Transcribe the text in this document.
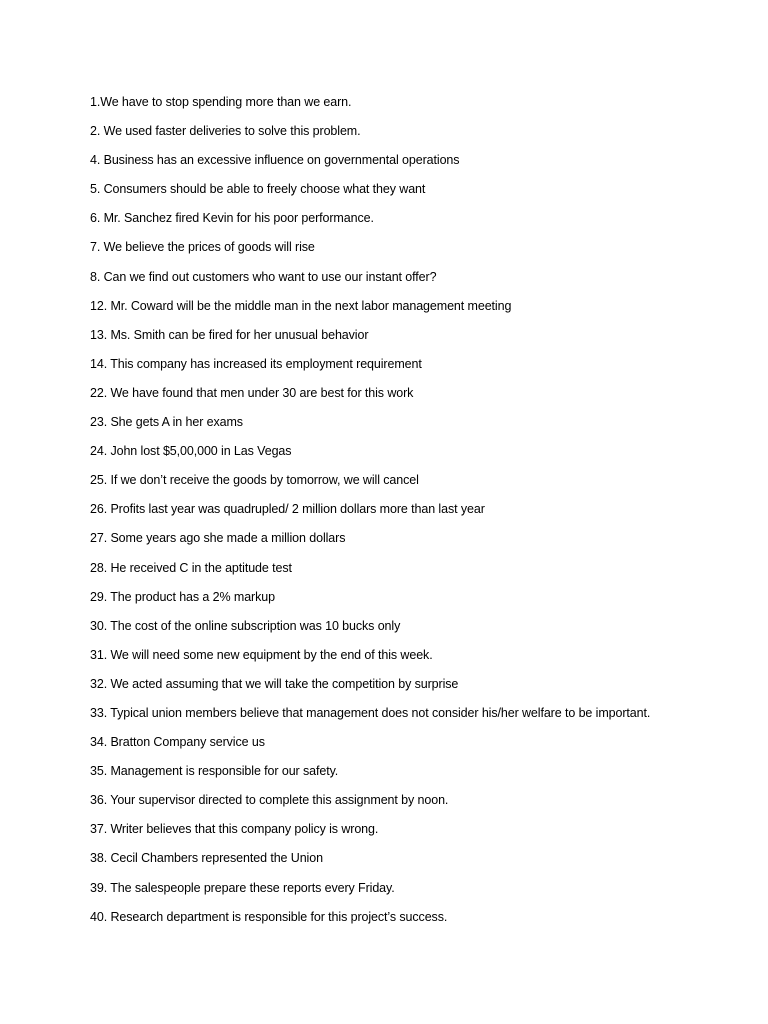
1.We have to stop spending more than we earn.
2. We used faster deliveries to solve this problem.
4. Business has an excessive influence on governmental operations
5. Consumers should be able to freely choose what they want
6. Mr. Sanchez fired Kevin for his poor performance.
7. We believe the prices of goods will rise
8. Can we find out customers who want to use our instant offer?
12. Mr. Coward will be the middle man in the next labor management meeting
13. Ms. Smith can be fired for her unusual behavior
14. This company has increased its employment requirement
22. We have found that men under 30 are best for this work
23. She gets A in her exams
24. John lost $5,00,000 in Las Vegas
25. If we don’t receive the goods by tomorrow, we will cancel
26. Profits last year was quadrupled/ 2 million dollars more than last year
27. Some years ago she made a million dollars
28. He received C in the aptitude test
29. The product has a 2% markup
30. The cost of the online subscription was 10 bucks only
31. We will need some new equipment by the end of this week.
32. We acted assuming that we will take the competition by surprise
33. Typical union members believe that management does not consider his/her welfare to be important.
34. Bratton Company service us
35. Management is responsible for our safety.
36. Your supervisor directed to complete this assignment by noon.
37. Writer believes that this company policy is wrong.
38. Cecil Chambers represented the Union
39. The salespeople prepare these reports every Friday.
40. Research department is responsible for this project’s success.
